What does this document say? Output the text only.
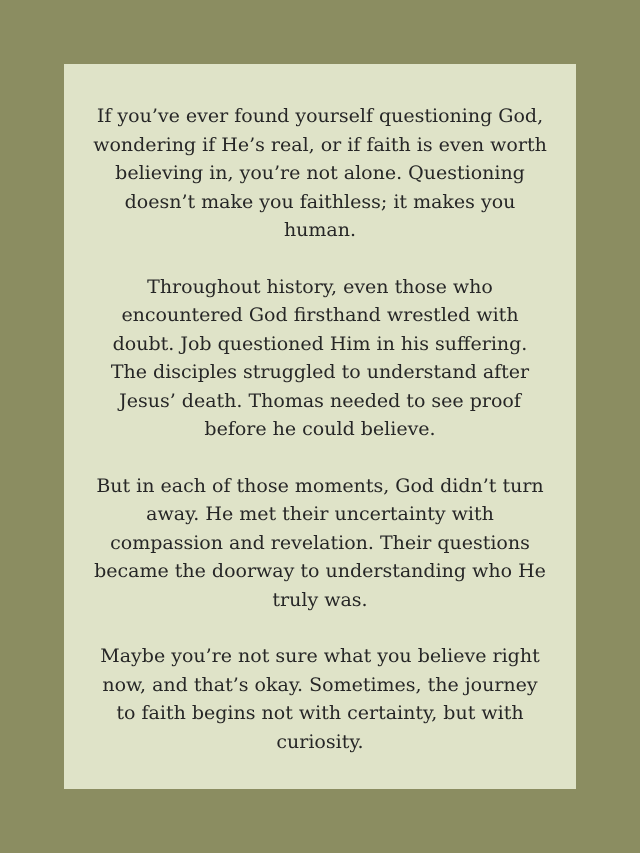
If you’ve ever found yourself questioning God, wondering if He’s real, or if faith is even worth believing in, you’re not alone. Questioning doesn’t make you faithless; it makes you human.

Throughout history, even those who encountered God firsthand wrestled with doubt. Job questioned Him in his suffering. The disciples struggled to understand after Jesus’ death. Thomas needed to see proof before he could believe.

But in each of those moments, God didn’t turn away. He met their uncertainty with compassion and revelation. Their questions became the doorway to understanding who He truly was.

Maybe you’re not sure what you believe right now, and that’s okay. Sometimes, the journey to faith begins not with certainty, but with curiosity.
